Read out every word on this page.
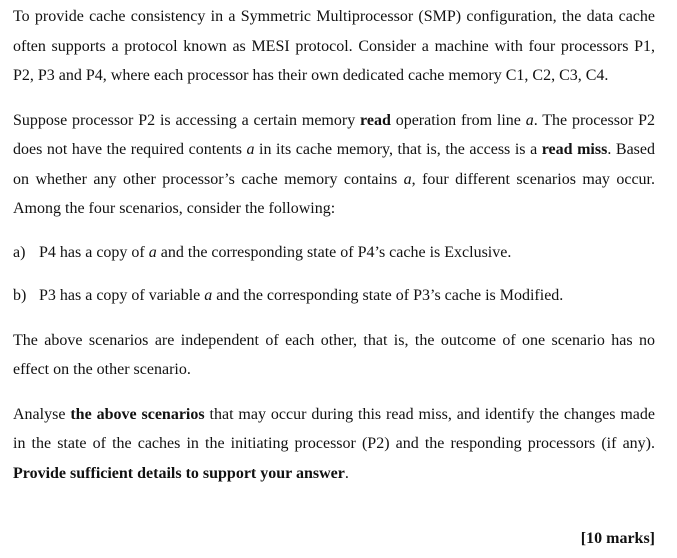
To provide cache consistency in a Symmetric Multiprocessor (SMP) configuration, the data cache often supports a protocol known as MESI protocol. Consider a machine with four processors P1, P2, P3 and P4, where each processor has their own dedicated cache memory C1, C2, C3, C4.

Suppose processor P2 is accessing a certain memory read operation from line a. The processor P2 does not have the required contents a in its cache memory, that is, the access is a read miss. Based on whether any other processor’s cache memory contains a, four different scenarios may occur. Among the four scenarios, consider the following:

a) P4 has a copy of a and the corresponding state of P4’s cache is Exclusive.
b) P3 has a copy of variable a and the corresponding state of P3’s cache is Modified.

The above scenarios are independent of each other, that is, the outcome of one scenario has no effect on the other scenario.

Analyse the above scenarios that may occur during this read miss, and identify the changes made in the state of the caches in the initiating processor (P2) and the responding processors (if any). Provide sufficient details to support your answer.

[10 marks]
